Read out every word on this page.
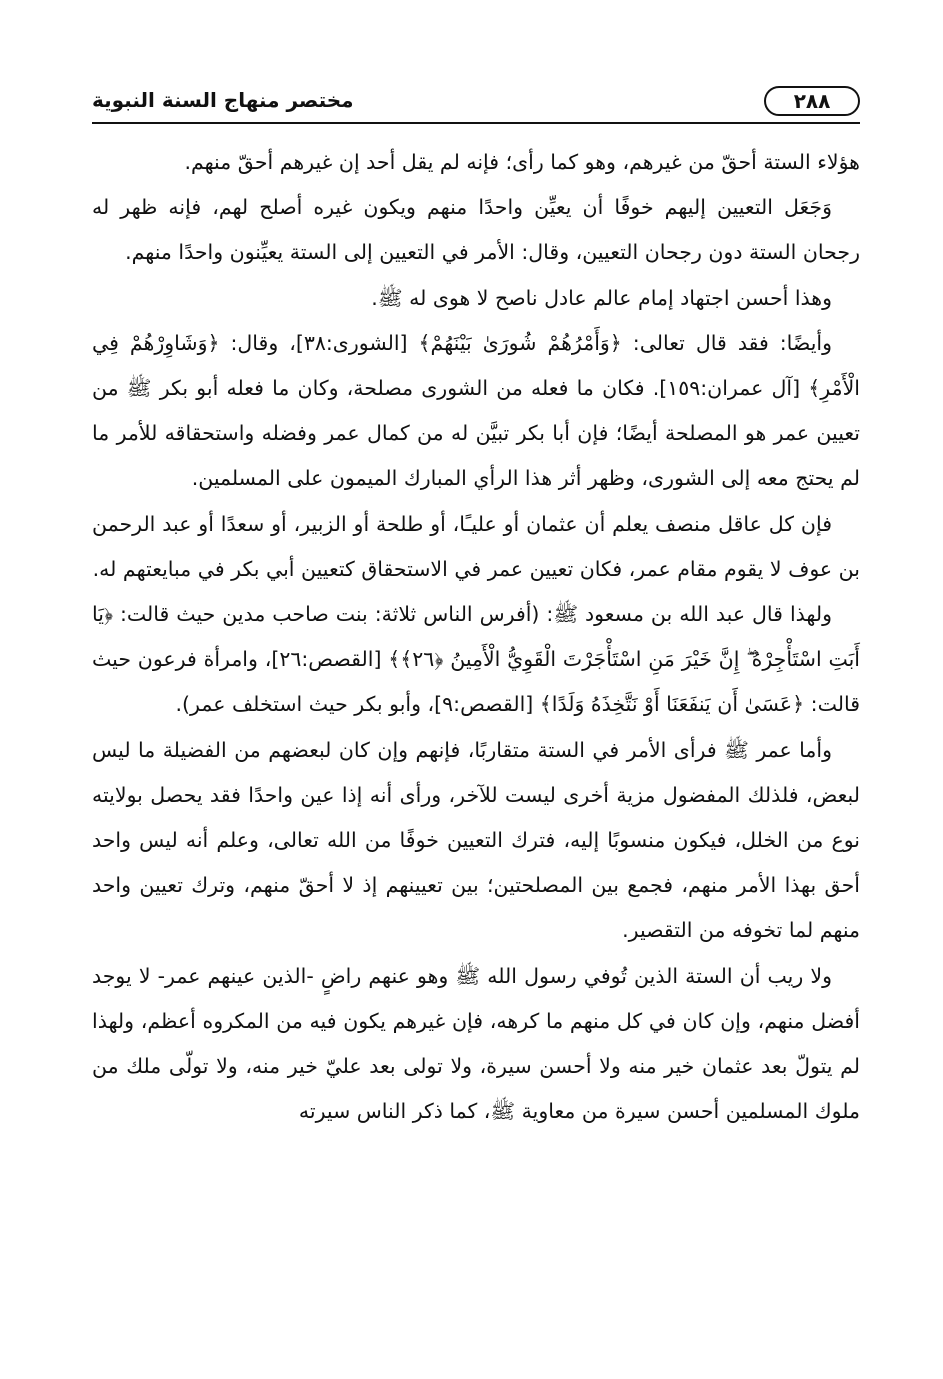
٢٨٨
مختصر منهاج السنة النبوية

هؤلاء الستة أحقّ من غيرهم، وهو كما رأى؛ فإنه لم يقل أحد إن غيرهم أحقّ منهم.

وَجَعَل التعيين إليهم خوفًا أن يعيِّن واحدًا منهم ويكون غيره أصلح لهم، فإنه ظهر له رجحان الستة دون رجحان التعيين، وقال: الأمر في التعيين إلى الستة يعيِّنون واحدًا منهم.

وهذا أحسن اجتهاد إمام عالم عادل ناصح لا هوى له ﷺ.

وأيضًا: فقد قال تعالى: ﴿وَأَمْرُهُمْ شُورَىٰ بَيْنَهُمْ﴾ [الشورى:٣٨]، وقال: ﴿وَشَاوِرْهُمْ فِي الْأَمْرِ﴾ [آل عمران:١٥٩]. فكان ما فعله من الشورى مصلحة، وكان ما فعله أبو بكر ﷺ من تعيين عمر هو المصلحة أيضًا؛ فإن أبا بكر تبيَّن له من كمال عمر وفضله واستحقاقه للأمر ما لم يحتج معه إلى الشورى، وظهر أثر هذا الرأي المبارك الميمون على المسلمين.

فإن كل عاقل منصف يعلم أن عثمان أو عليـًا، أو طلحة أو الزبير، أو سعدًا أو عبد الرحمن بن عوف لا يقوم مقام عمر، فكان تعيين عمر في الاستحقاق كتعيين أبي بكر في مبايعتهم له.

ولهذا قال عبد الله بن مسعود ﷺ: (أفرس الناس ثلاثة: بنت صاحب مدين حيث قالت: ﴿يَا أَبَتِ اسْتَأْجِرْهُ ۖ إِنَّ خَيْرَ مَنِ اسْتَأْجَرْتَ الْقَوِيُّ الْأَمِينُ ﴿٢٦﴾﴾ [القصص:٢٦]، وامرأة فرعون حيث قالت: ﴿عَسَىٰ أَن يَنفَعَنَا أَوْ نَتَّخِذَهُ وَلَدًا﴾ [القصص:٩]، وأبو بكر حيث استخلف عمر).

وأما عمر ﷺ فرأى الأمر في الستة متقاربًا، فإنهم وإن كان لبعضهم من الفضيلة ما ليس لبعض، فلذلك المفضول مزية أخرى ليست للآخر، ورأى أنه إذا عين واحدًا فقد يحصل بولايته نوع من الخلل، فيكون منسوبًا إليه، فترك التعيين خوفًا من الله تعالى، وعلم أنه ليس واحد أحق بهذا الأمر منهم، فجمع بين المصلحتين؛ بين تعيينهم إذ لا أحقّ منهم، وترك تعيين واحد منهم لما تخوفه من التقصير.

ولا ريب أن الستة الذين تُوفي رسول الله ﷺ وهو عنهم راضٍ -الذين عينهم عمر- لا يوجد أفضل منهم، وإن كان في كل منهم ما كرهه، فإن غيرهم يكون فيه من المكروه أعظم، ولهذا لم يتولّ بعد عثمان خير منه ولا أحسن سيرة، ولا تولى بعد عليّ خير منه، ولا تولّى ملك من ملوك المسلمين أحسن سيرة من معاوية ﷺ، كما ذكر الناس سيرته
